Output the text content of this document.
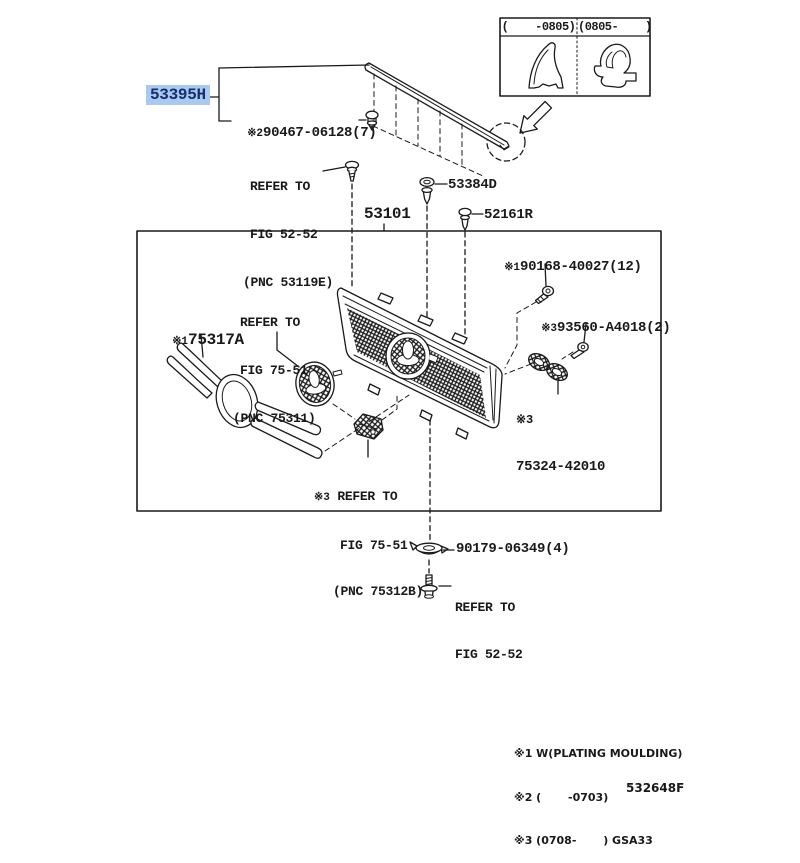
(    -0805) (0805-    )
53395H

※290467-06128(7)

REFER TO

FIG 52-52

(PNC 53119E)

53384D
53101	52161R

※190168-40027(12)

※393560-A4018(2)

REFER TO

FIG 75-51

(PNC 75311)

※175317A

※3

75324-42010

※3 REFER TO

FIG 75-51

(PNC 75312B)

90179-06349(4)

REFER TO

FIG 52-52

※1 W(PLATING MOULDING)

※2 (       -0703)

※3 (0708-       ) GSA33

532648F
